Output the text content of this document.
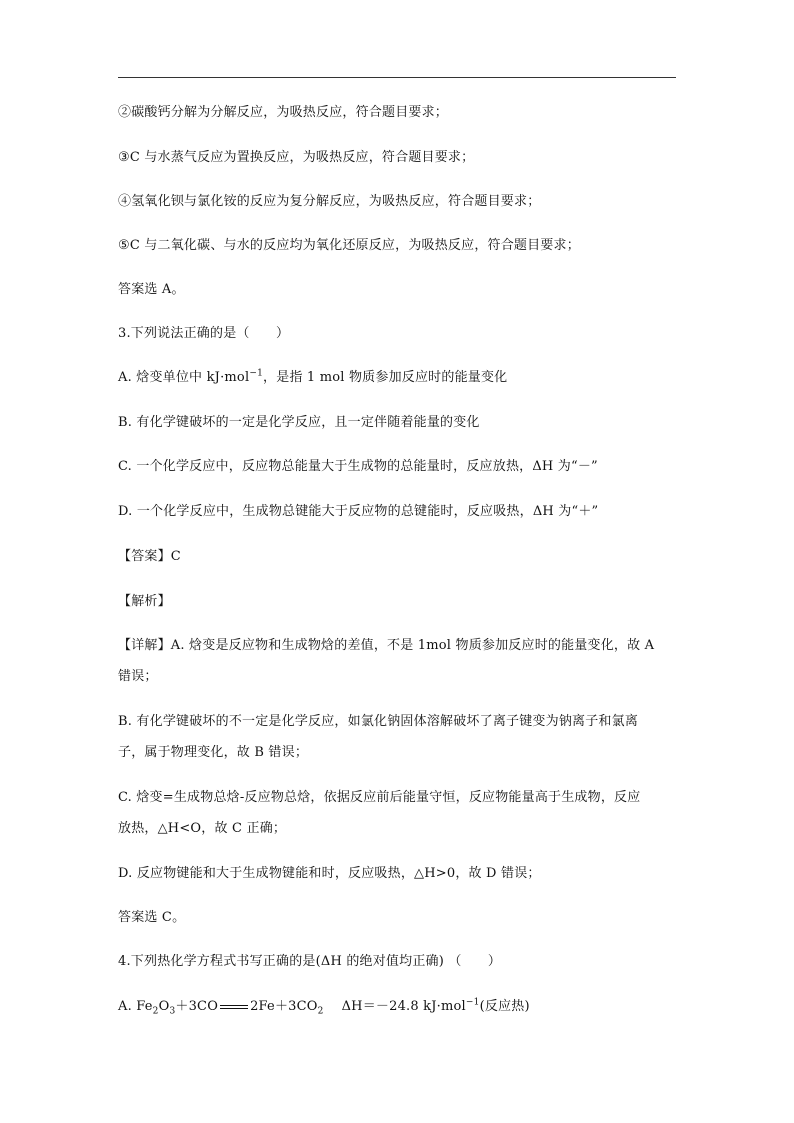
②碳酸钙分解为分解反应，为吸热反应，符合题目要求；
③C 与水蒸气反应为置换反应，为吸热反应，符合题目要求；
④氢氧化钡与氯化铵的反应为复分解反应，为吸热反应，符合题目要求；
⑤C 与二氧化碳、与水的反应均为氧化还原反应，为吸热反应，符合题目要求；
答案选 A。
3.下列说法正确的是（　　）
A. 焓变单位中 kJ·mol$^{-1}$，是指 1 mol 物质参加反应时的能量变化
B. 有化学键破坏的一定是化学反应，且一定伴随着能量的变化
C. 一个化学反应中，反应物总能量大于生成物的总能量时，反应放热，ΔH 为“－”
D. 一个化学反应中，生成物总键能大于反应物的总键能时，反应吸热，ΔH 为“＋”
【答案】C
【解析】
【详解】A. 焓变是反应物和生成物焓的差值，不是 1mol 物质参加反应时的能量变化，故 A
错误；
B. 有化学键破坏的不一定是化学反应，如氯化钠固体溶解破坏了离子键变为钠离子和氯离
子，属于物理变化，故 B 错误；
C. 焓变=生成物总焓-反应物总焓，依据反应前后能量守恒，反应物能量高于生成物，反应
放热，△H<O，故 C 正确；
D. 反应物键能和大于生成物键能和时，反应吸热，△H>0，故 D 错误；
答案选 C。
4.下列热化学方程式书写正确的是(ΔH 的绝对值均正确) （　　）
A. $Fe_2O_3+3CO$ $2Fe+3CO_2$ ΔH＝－24.8 kJ·mol$^{-1}$(反应热)
